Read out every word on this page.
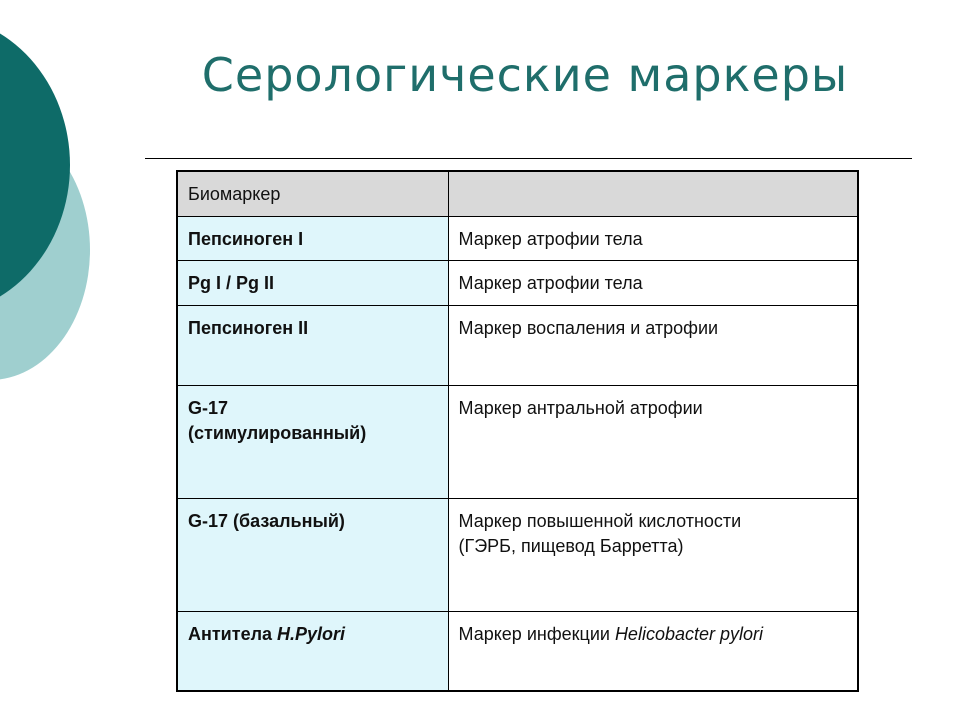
Серологические маркеры
Биомаркер	
Пепсиноген I	Маркер атрофии тела
Pg I / Pg II	Маркер атрофии тела
Пепсиноген II	Маркер воспаления и атрофии

G-17
(стимулированный)	Маркер антральной атрофии
G-17 (базальный)	Маркер повышенной кислотности
(ГЭРБ, пищевод Барретта)

Антитела H.Pylori	Маркер инфекции Helicobacter pylori
